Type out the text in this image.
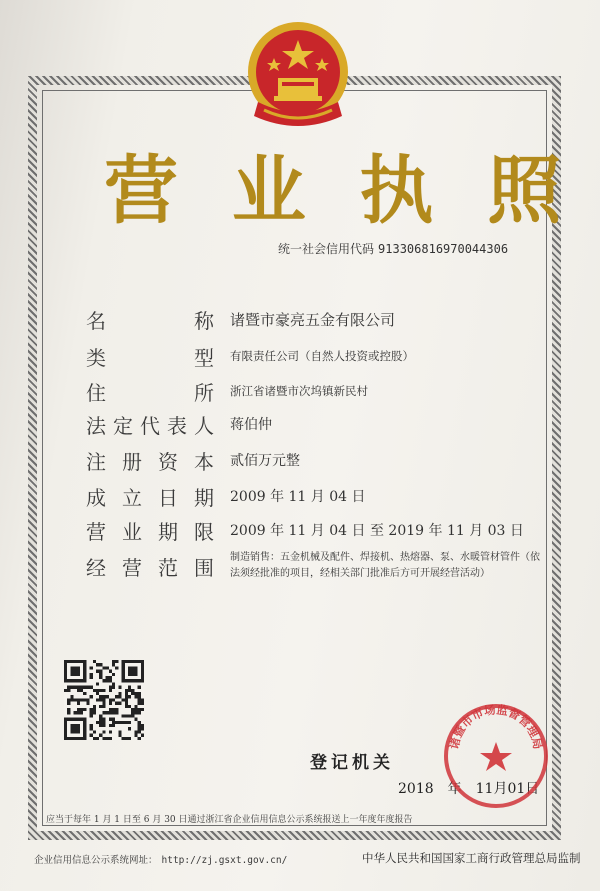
营 业 执 照
统一社会信用代码 913306816970044306
名	称 诸暨市豪亮五金有限公司
类	型 有限责任公司（自然人投资或控股）
住	所 浙江省诸暨市次坞镇新民村
法 定 代 表 人 蒋伯仲
注 册 资 本 贰佰万元整
成 立 日 期 2009 年 11 月 04 日
营 业 期 限 2009 年 11 月 04 日 至 2019 年 11 月 03 日
经 营 范 围 制造销售：五金机械及配件、焊接机、热熔器、泵、水暖管材管件（依法须经批准的项目，经相关部门批准后方可开展经营活动）
登记机关
2018 年 11月01日
诸暨市市场监督管理局
应当于每年 1 月 1 日至 6 月 30 日通过浙江省企业信用信息公示系统报送上一年度年度报告
企业信用信息公示系统网址： http://zj.gsxt.gov.cn/	中华人民共和国国家工商行政管理总局监制
